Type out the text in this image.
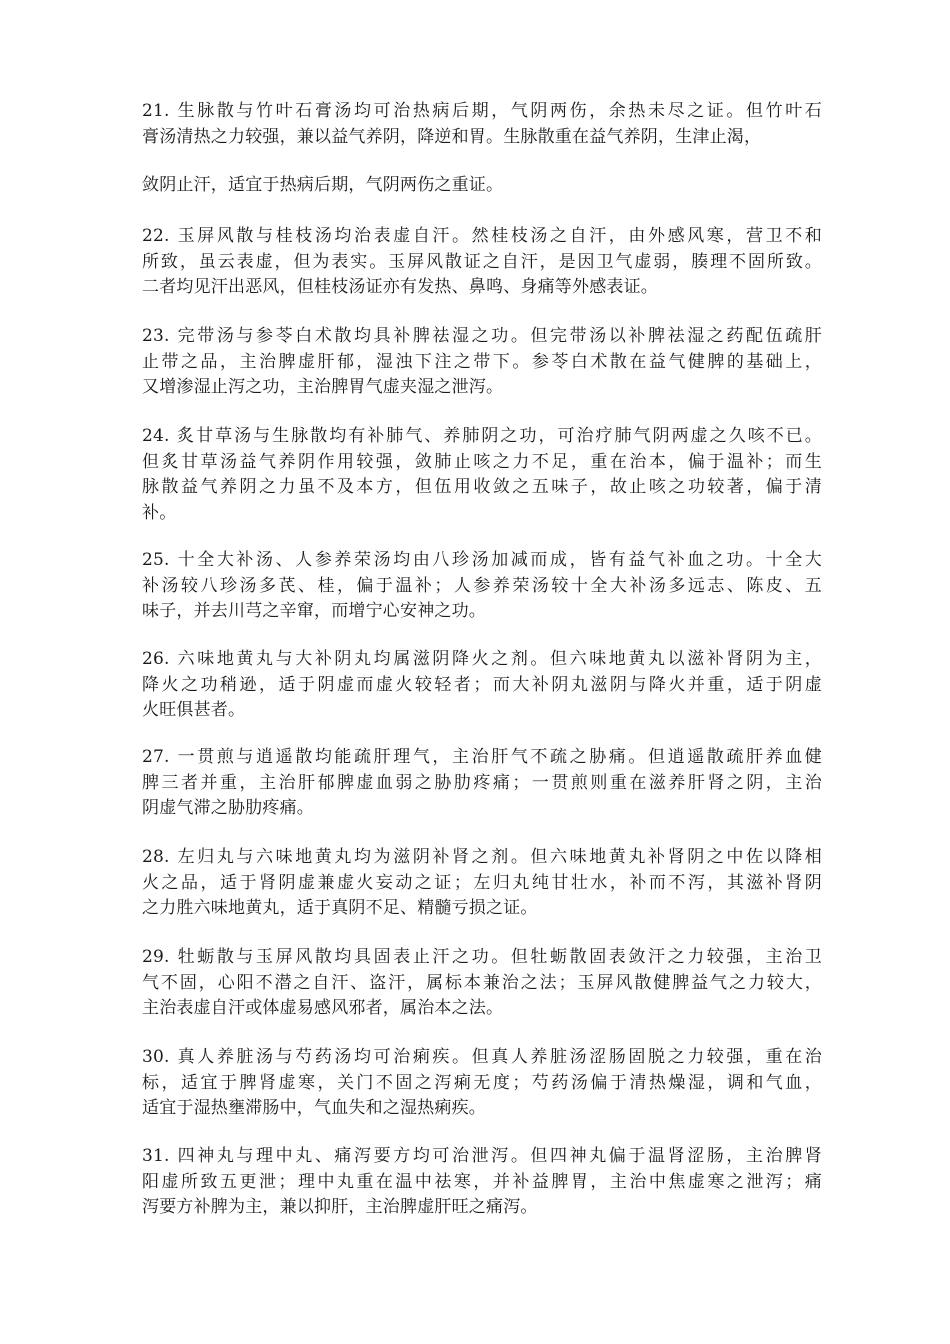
21. 生脉散与竹叶石膏汤均可治热病后期，气阴两伤，余热未尽之证。但竹叶石
膏汤清热之力较强，兼以益气养阴，降逆和胃。生脉散重在益气养阴，生津止渴，
敛阴止汗，适宜于热病后期，气阴两伤之重证。
22. 玉屏风散与桂枝汤均治表虚自汗。然桂枝汤之自汗，由外感风寒，营卫不和
所致，虽云表虚，但为表实。玉屏风散证之自汗，是因卫气虚弱，腠理不固所致。
二者均见汗出恶风，但桂枝汤证亦有发热、鼻鸣、身痛等外感表证。
23. 完带汤与参苓白术散均具补脾祛湿之功。但完带汤以补脾祛湿之药配伍疏肝
止带之品，主治脾虚肝郁，湿浊下注之带下。参苓白术散在益气健脾的基础上，
又增渗湿止泻之功，主治脾胃气虚夹湿之泄泻。
24. 炙甘草汤与生脉散均有补肺气、养肺阴之功，可治疗肺气阴两虚之久咳不已。
但炙甘草汤益气养阴作用较强，敛肺止咳之力不足，重在治本，偏于温补；而生
脉散益气养阴之力虽不及本方，但伍用收敛之五味子，故止咳之功较著，偏于清
补。
25. 十全大补汤、人参养荣汤均由八珍汤加减而成，皆有益气补血之功。十全大
补汤较八珍汤多芪、桂，偏于温补；人参养荣汤较十全大补汤多远志、陈皮、五
味子，并去川芎之辛窜，而增宁心安神之功。
26. 六味地黄丸与大补阴丸均属滋阴降火之剂。但六味地黄丸以滋补肾阴为主，
降火之功稍逊，适于阴虚而虚火较轻者；而大补阴丸滋阴与降火并重，适于阴虚
火旺俱甚者。
27. 一贯煎与逍遥散均能疏肝理气，主治肝气不疏之胁痛。但逍遥散疏肝养血健
脾三者并重，主治肝郁脾虚血弱之胁肋疼痛；一贯煎则重在滋养肝肾之阴，主治
阴虚气滞之胁肋疼痛。
28. 左归丸与六味地黄丸均为滋阴补肾之剂。但六味地黄丸补肾阴之中佐以降相
火之品，适于肾阴虚兼虚火妄动之证；左归丸纯甘壮水，补而不泻，其滋补肾阴
之力胜六味地黄丸，适于真阴不足、精髓亏损之证。
29. 牡蛎散与玉屏风散均具固表止汗之功。但牡蛎散固表敛汗之力较强，主治卫
气不固，心阳不潜之自汗、盗汗，属标本兼治之法；玉屏风散健脾益气之力较大，
主治表虚自汗或体虚易感风邪者，属治本之法。
30. 真人养脏汤与芍药汤均可治痢疾。但真人养脏汤涩肠固脱之力较强，重在治
标，适宜于脾肾虚寒，关门不固之泻痢无度；芍药汤偏于清热燥湿，调和气血，
适宜于湿热壅滞肠中，气血失和之湿热痢疾。
31. 四神丸与理中丸、痛泻要方均可治泄泻。但四神丸偏于温肾涩肠，主治脾肾
阳虚所致五更泄；理中丸重在温中祛寒，并补益脾胃，主治中焦虚寒之泄泻；痛
泻要方补脾为主，兼以抑肝，主治脾虚肝旺之痛泻。
